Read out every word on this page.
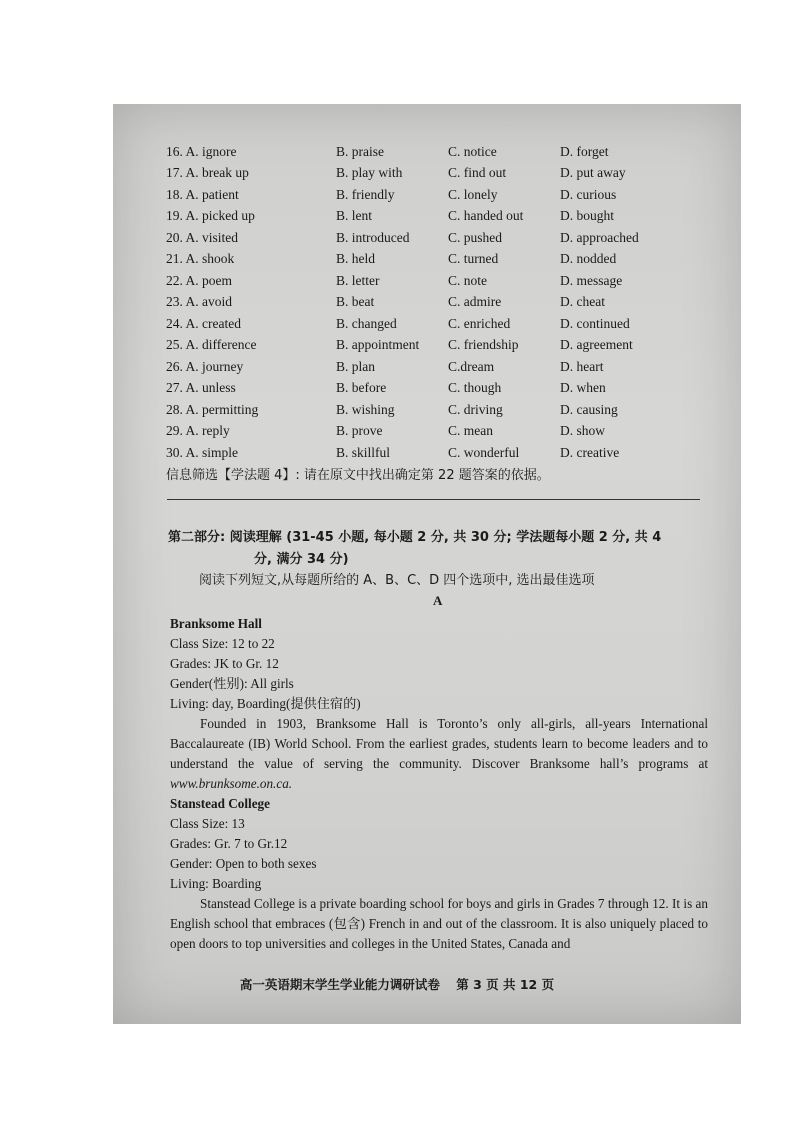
16. A. ignore	B. praise	C. notice	D. forget
17. A. break up	B. play with	C. find out	D. put away
18. A. patient	B. friendly	C. lonely	D. curious
19. A. picked up	B. lent	C. handed out	D. bought
20. A. visited	B. introduced	C. pushed	D. approached
21. A. shook	B. held	C. turned	D. nodded
22. A. poem	B. letter	C. note	D. message
23. A. avoid	B. beat	C. admire	D. cheat
24. A. created	B. changed	C. enriched	D. continued
25. A. difference	B. appointment	C. friendship	D. agreement
26. A. journey	B. plan	C.dream	D. heart
27. A. unless	B. before	C. though	D. when
28. A. permitting	B. wishing	C. driving	D. causing
29. A. reply	B. prove	C. mean	D. show
30. A. simple	B. skillful	C. wonderful	D. creative
信息筛选【学法题 4】: 请在原文中找出确定第 22 题答案的依据。
第二部分: 阅读理解 (31-45 小题, 每小题 2 分, 共 30 分; 学法题每小题 2 分, 共 4
分, 满分 34 分)
阅读下列短文,从每题所给的 A、B、C、D 四个选项中, 选出最佳选项
A
Branksome Hall
Class Size: 12 to 22
Grades: JK to Gr. 12
Gender(性别): All girls
Living: day, Boarding(提供住宿的)
Founded in 1903, Branksome Hall is Toronto’s only all-girls, all-years International Baccalaureate (IB) World School. From the earliest grades, students learn to become leaders and to understand the value of serving the community. Discover Branksome hall’s programs at www.brunksome.on.ca.
Stanstead College
Class Size: 13
Grades: Gr. 7 to Gr.12
Gender: Open to both sexes
Living: Boarding
Stanstead College is a private boarding school for boys and girls in Grades 7 through 12. It is an English school that embraces (包含) French in and out of the classroom. It is also uniquely placed to open doors to top universities and colleges in the United States, Canada and
高一英语期末学生学业能力调研试卷 第 3 页 共 12 页
